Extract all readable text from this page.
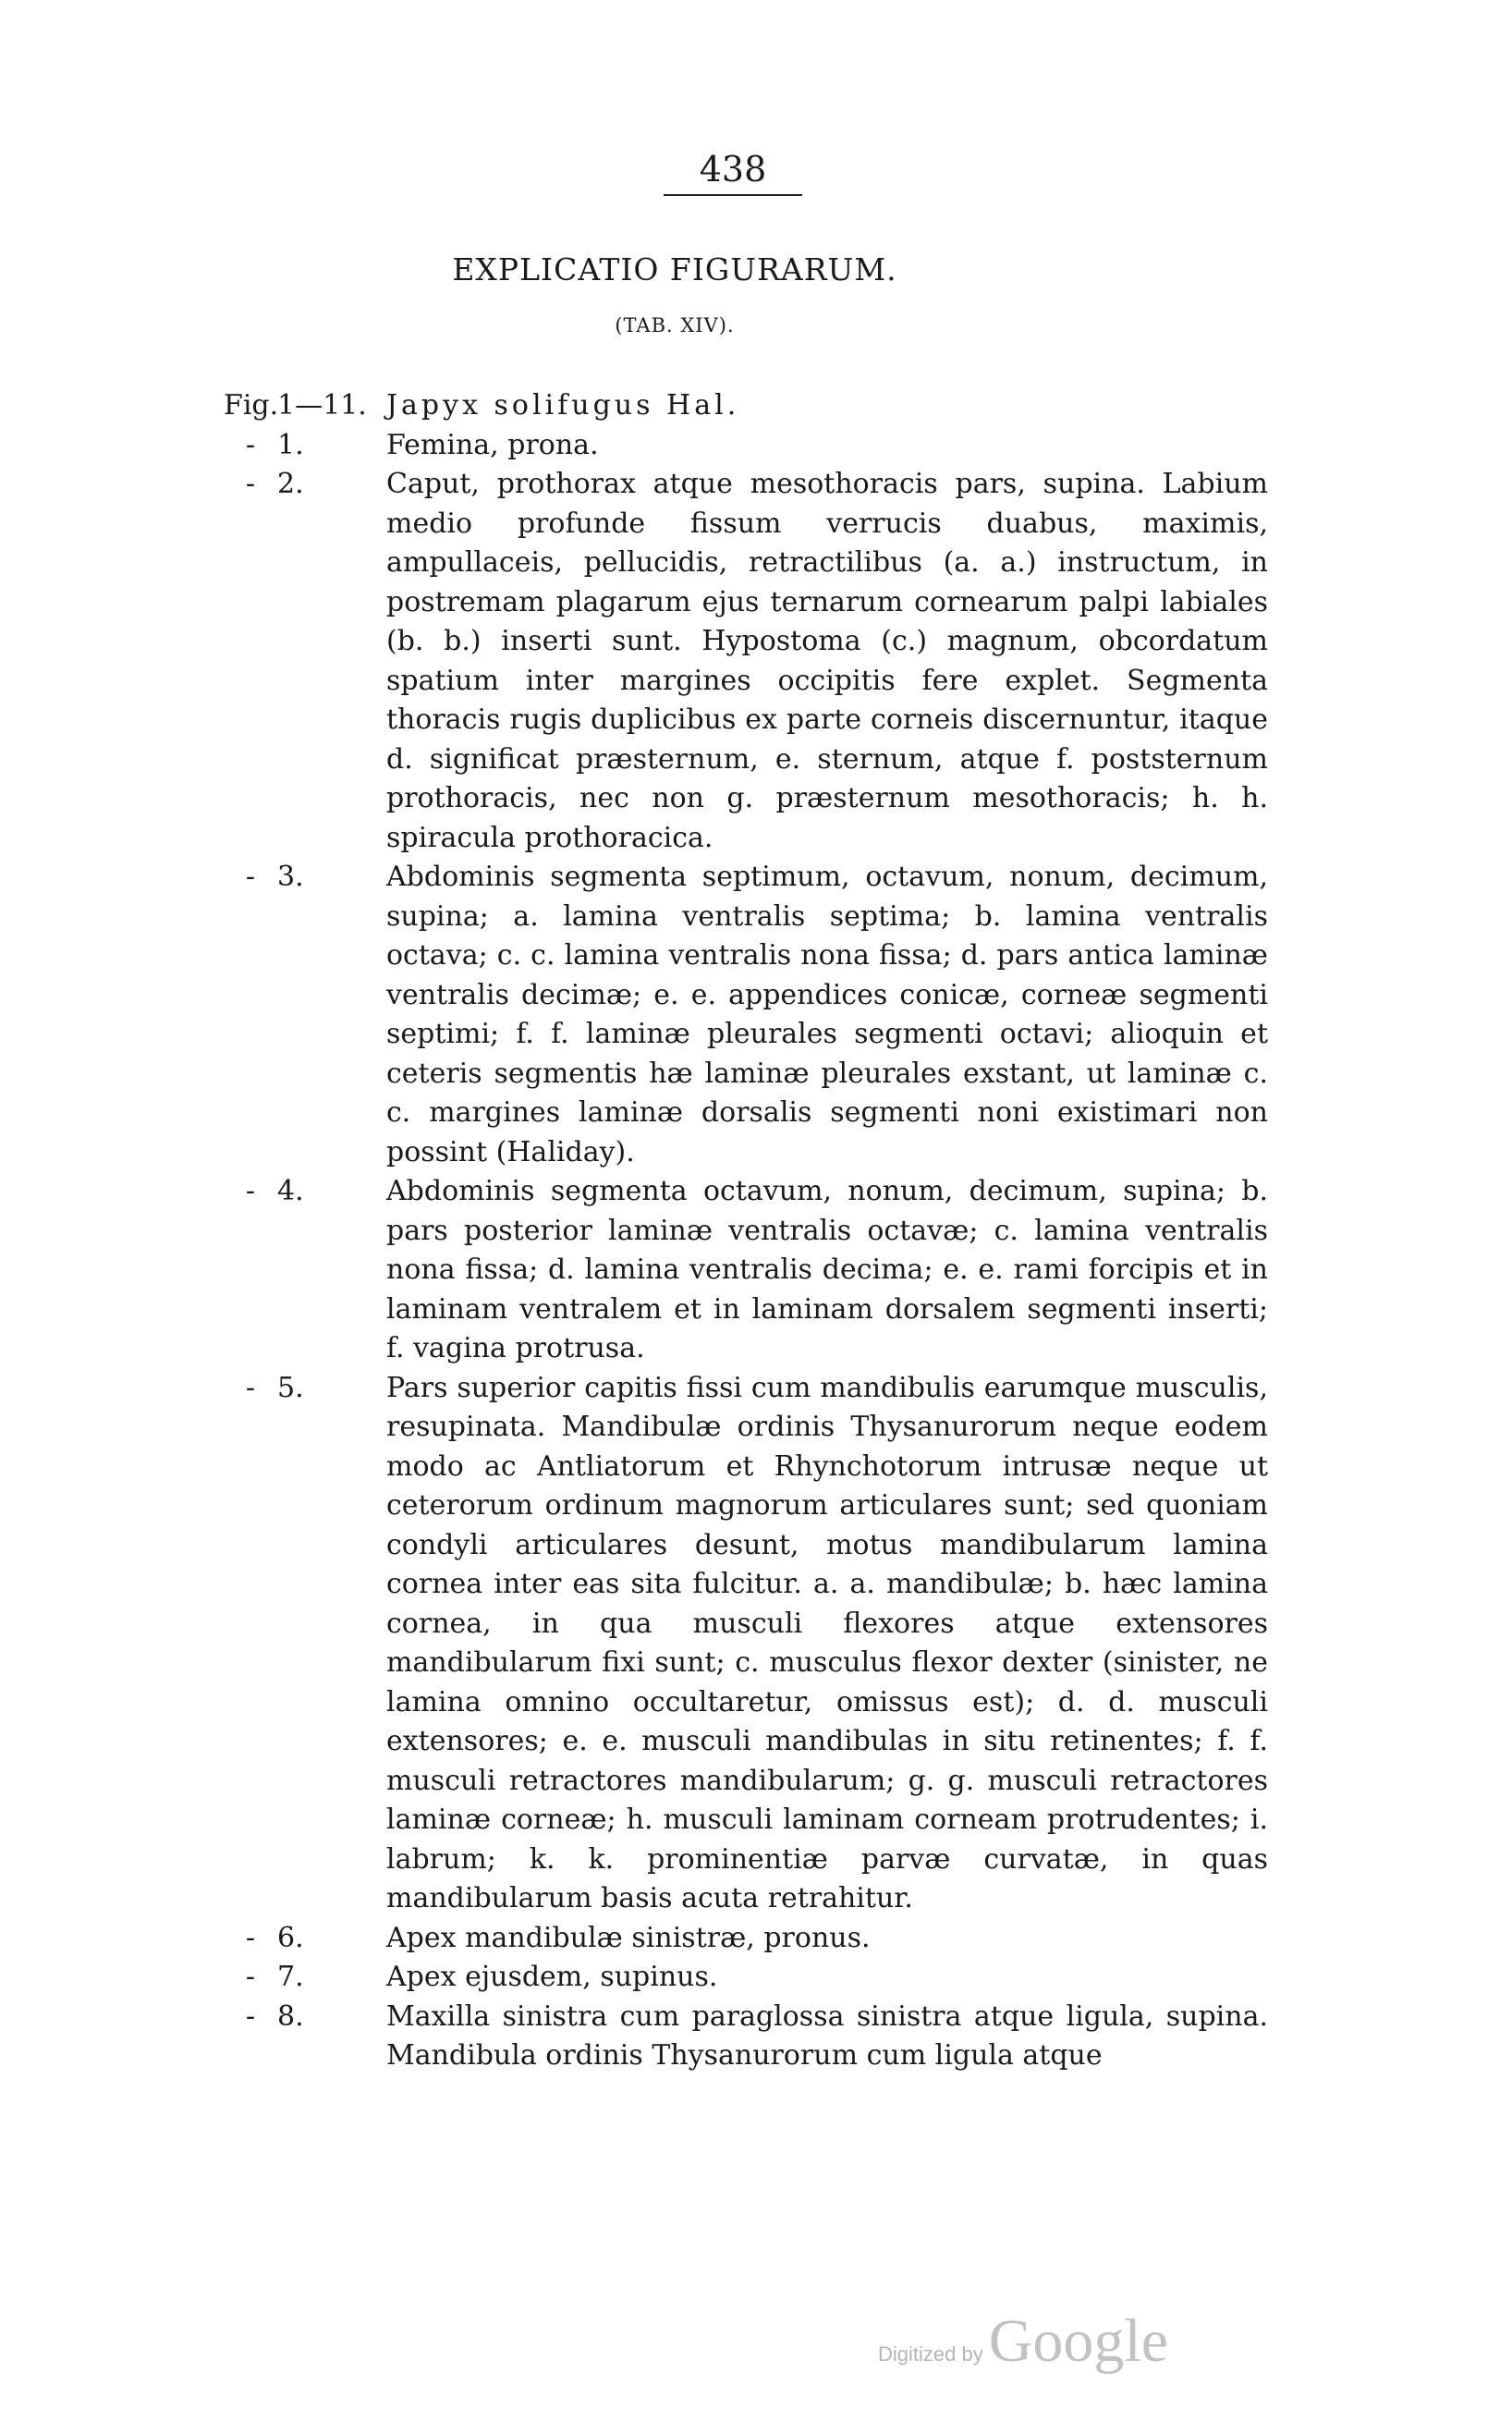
438
EXPLICATIO FIGURARUM.
(TAB. XIV).
Fig.1—11. Japyx solifugus Hal.
- 1.	Femina, prona.
- 2.	Caput, prothorax atque mesothoracis pars, supina. Labium medio profunde fissum verrucis duabus, maximis, ampullaceis, pellucidis, retractilibus (a. a.) instructum, in postremam plagarum ejus ternarum cornearum palpi labiales (b. b.) inserti sunt. Hypostoma (c.) magnum, obcordatum spatium inter margines occipitis fere explet. Segmenta thoracis rugis duplicibus ex parte corneis discernuntur, itaque d. significat præsternum, e. sternum, atque f. poststernum prothoracis, nec non g. præsternum mesothoracis; h. h. spiracula prothoracica.
- 3.	Abdominis segmenta septimum, octavum, nonum, decimum, supina; a. lamina ventralis septima; b. lamina ventralis octava; c. c. lamina ventralis nona fissa; d. pars antica laminæ ventralis decimæ; e. e. appendices conicæ, corneæ segmenti septimi; f. f. laminæ pleurales segmenti octavi; alioquin et ceteris segmentis hæ laminæ pleurales exstant, ut laminæ c. c. margines laminæ dorsalis segmenti noni existimari non possint (Haliday).
- 4.	Abdominis segmenta octavum, nonum, decimum, supina; b. pars posterior laminæ ventralis octavæ; c. lamina ventralis nona fissa; d. lamina ventralis decima; e. e. rami forcipis et in laminam ventralem et in laminam dorsalem segmenti inserti; f. vagina protrusa.
- 5.	Pars superior capitis fissi cum mandibulis earumque musculis, resupinata. Mandibulæ ordinis Thysanurorum neque eodem modo ac Antliatorum et Rhynchotorum intrusæ neque ut ceterorum ordinum magnorum articulares sunt; sed quoniam condyli articulares desunt, motus mandibularum lamina cornea inter eas sita fulcitur. a. a. mandibulæ; b. hæc lamina cornea, in qua musculi flexores atque extensores mandibularum fixi sunt; c. musculus flexor dexter (sinister, ne lamina omnino occultaretur, omissus est); d. d. musculi extensores; e. e. musculi mandibulas in situ retinentes; f. f. musculi retractores mandibularum; g. g. musculi retractores laminæ corneæ; h. musculi laminam corneam protrudentes; i. labrum; k. k. prominentiæ parvæ curvatæ, in quas mandibularum basis acuta retrahitur.
- 6.	Apex mandibulæ sinistræ, pronus.
- 7.	Apex ejusdem, supinus.
- 8.	Maxilla sinistra cum paraglossa sinistra atque ligula, supina. Mandibula ordinis Thysanurorum cum ligula atque
Digitized by Google
